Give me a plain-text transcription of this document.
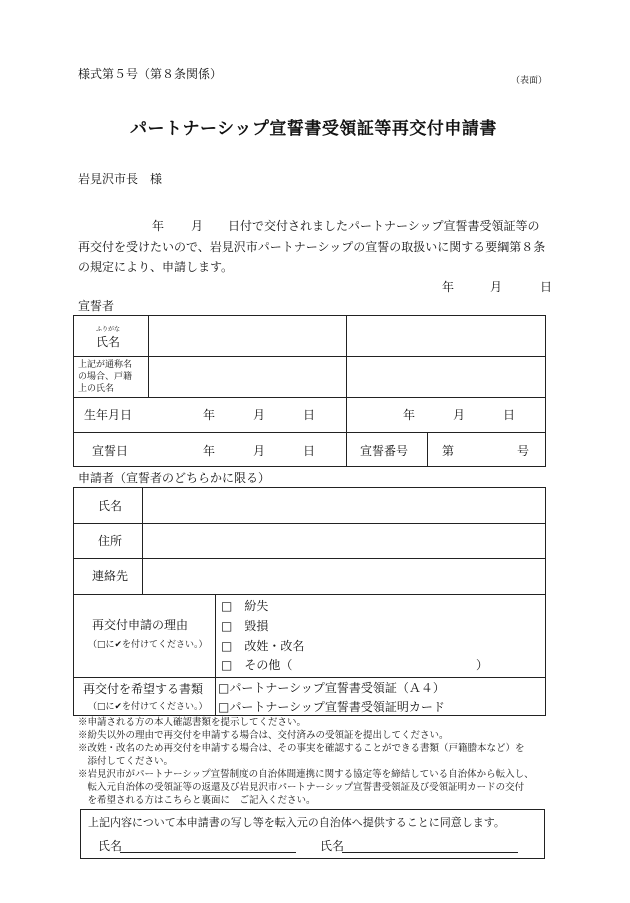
様式第５号（第８条関係）	（表面）
パートナーシップ宣誓書受領証等再交付申請書
岩見沢市長　様
年 月 日付で交付されましたパートナーシップ宣誓書受領証等の
再交付を受けたいので、岩見沢市パートナーシップの宣誓の取扱いに関する要綱第８条
の規定により、申請します。
年	月	日
宣誓者
ふりがな
氏名
上記が通称名
の場合、戸籍
上の氏名
生年月日	年	月	日	年	月	日
宣誓日	年	月	日	宣誓番号	第	号
申請者（宣誓者のどちらかに限る）
氏名
住所
連絡先
再交付申請の理由
（□に✔を付けてください。）
□　紛失
□　毀損
□　改姓・改名
□　その他（	）
再交付を希望する書類
（□に✔を付けてください。）
□パートナーシップ宣誓書受領証（Ａ４）
□パートナーシップ宣誓書受領証明カード
※申請される方の本人確認書類を提示してください。
※紛失以外の理由で再交付を申請する場合は、交付済みの受領証を提出してください。
※改姓・改名のため再交付を申請する場合は、その事実を確認することができる書類（戸籍謄本など）を
　添付してください。
※岩見沢市がパートナーシップ宣誓制度の自治体間連携に関する協定等を締結している自治体から転入し、
　転入元自治体の受領証等の返還及び岩見沢市パートナーシップ宣誓書受領証及び受領証明カードの交付
　を希望される方はこちらと裏面に　ご記入ください。
上記内容について本申請書の写し等を転入元の自治体へ提供することに同意します。
氏名	氏名
